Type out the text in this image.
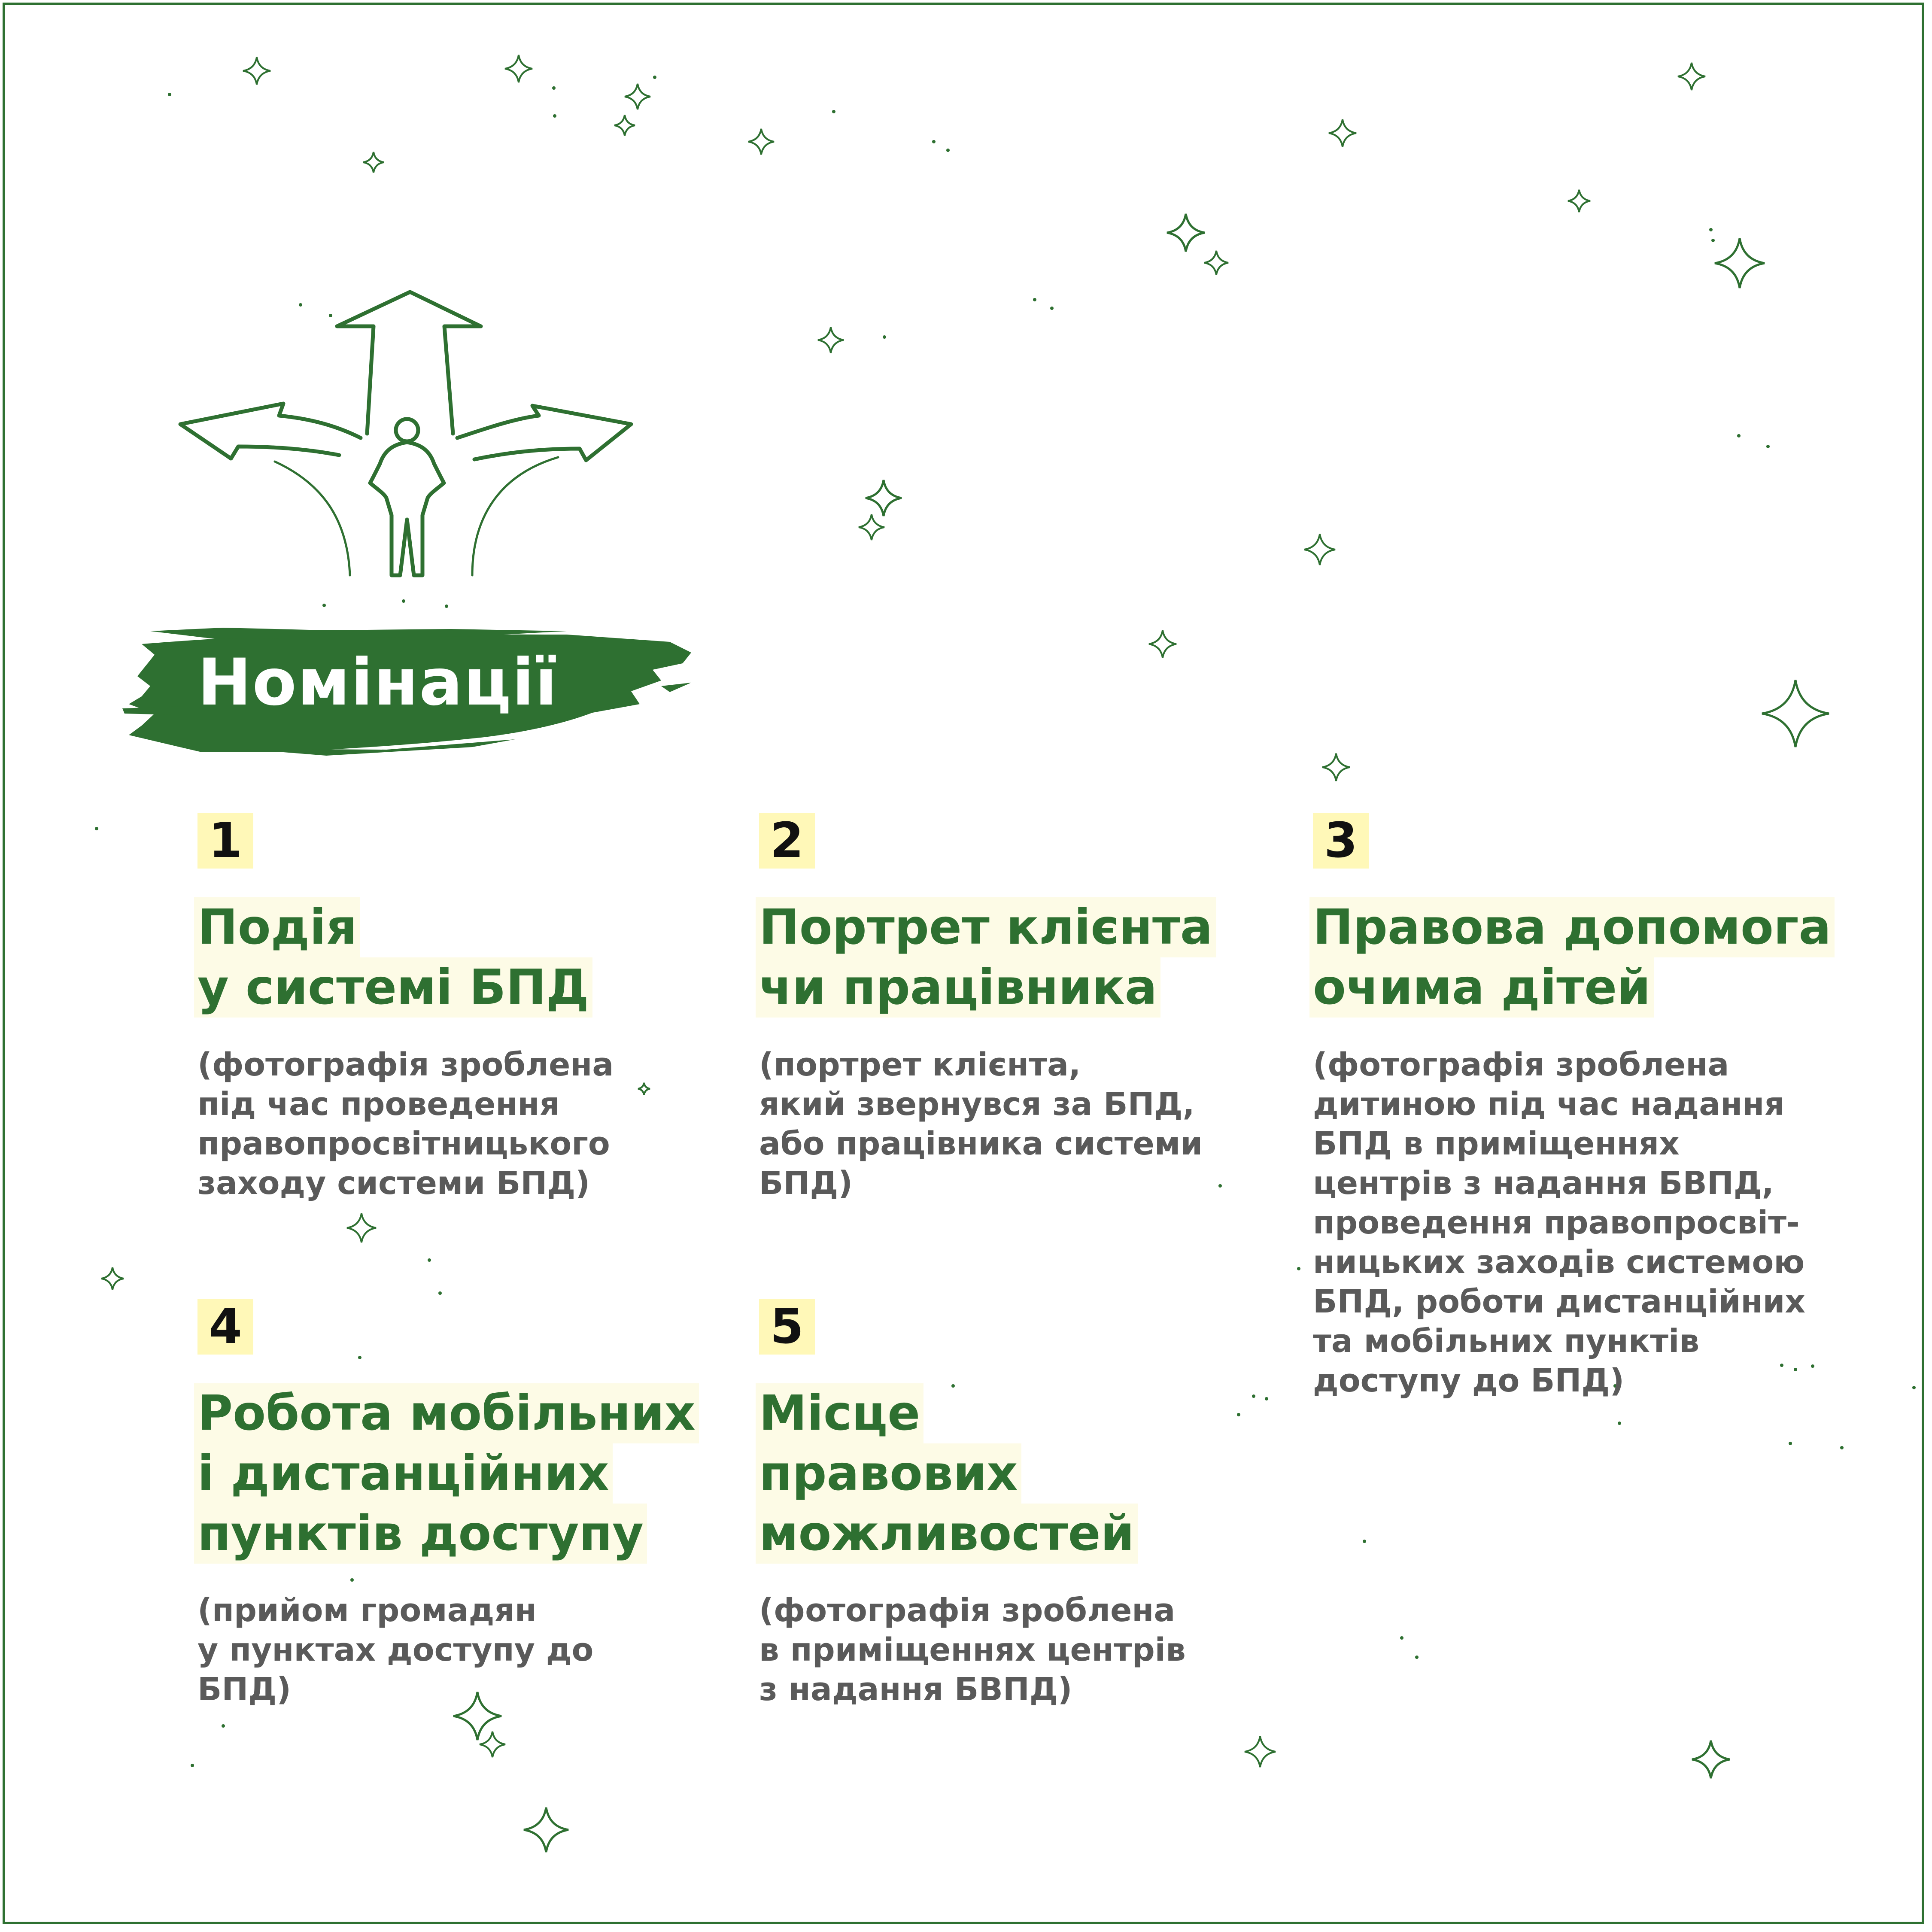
Номінації
1
Подія
у системі БПД
(фотографія зроблена
під час проведення
правопросвітницького
заходу системи БПД)
2
Портрет клієнта
чи працівника
(портрет клієнта,
який звернувся за БПД,
або працівника системи
БПД)
3
Правова допомога
очима дітей
(фотографія зроблена
дитиною під час надання
БПД в приміщеннях
центрів з надання БВПД,
проведення правопросвіт-
ницьких заходів системою
БПД, роботи дистанційних
та мобільних пунктів
доступу до БПД)
4
Робота мобільних
і дистанційних
пунктів доступу
(прийом громадян
у пунктах доступу до
БПД)
5
Місце
правових
можливостей
(фотографія зроблена
в приміщеннях центрів
з надання БВПД)
